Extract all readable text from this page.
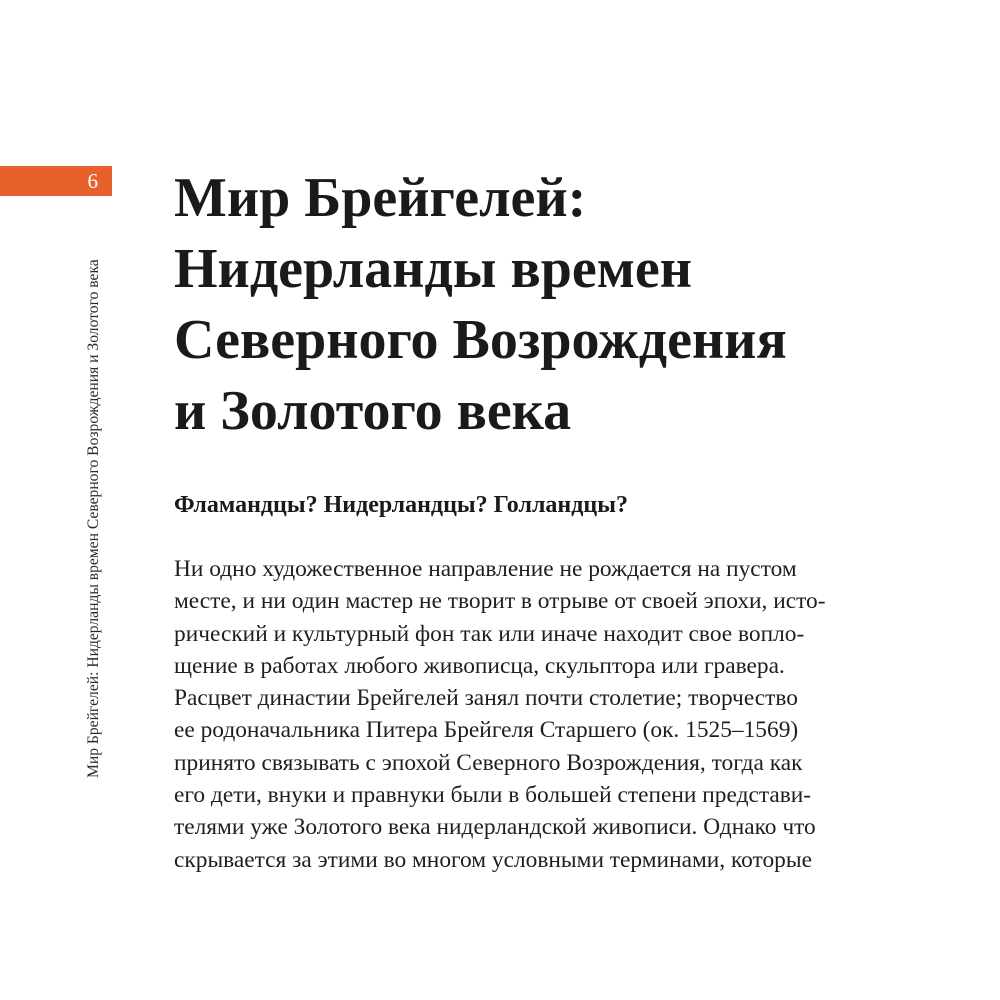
6
Мир Брейгелей: Нидерланды времен Северного Возрождения и Золотого века
Мир Брейгелей:
Нидерланды времен
Северного Возрождения
и Золотого века
Фламандцы? Нидерландцы? Голландцы?
Ни одно художественное направление не рождается на пустом
месте, и ни один мастер не творит в отрыве от своей эпохи, исто-
рический и культурный фон так или иначе находит свое вопло-
щение в работах любого живописца, скульптора или гравера.
Расцвет династии Брейгелей занял почти столетие; творчество
ее родоначальника Питера Брейгеля Старшего (ок. 1525–1569)
принято связывать с эпохой Северного Возрождения, тогда как
его дети, внуки и правнуки были в большей степени представи-
телями уже Золотого века нидерландской живописи. Однако что
скрывается за этими во многом условными терминами, которые
